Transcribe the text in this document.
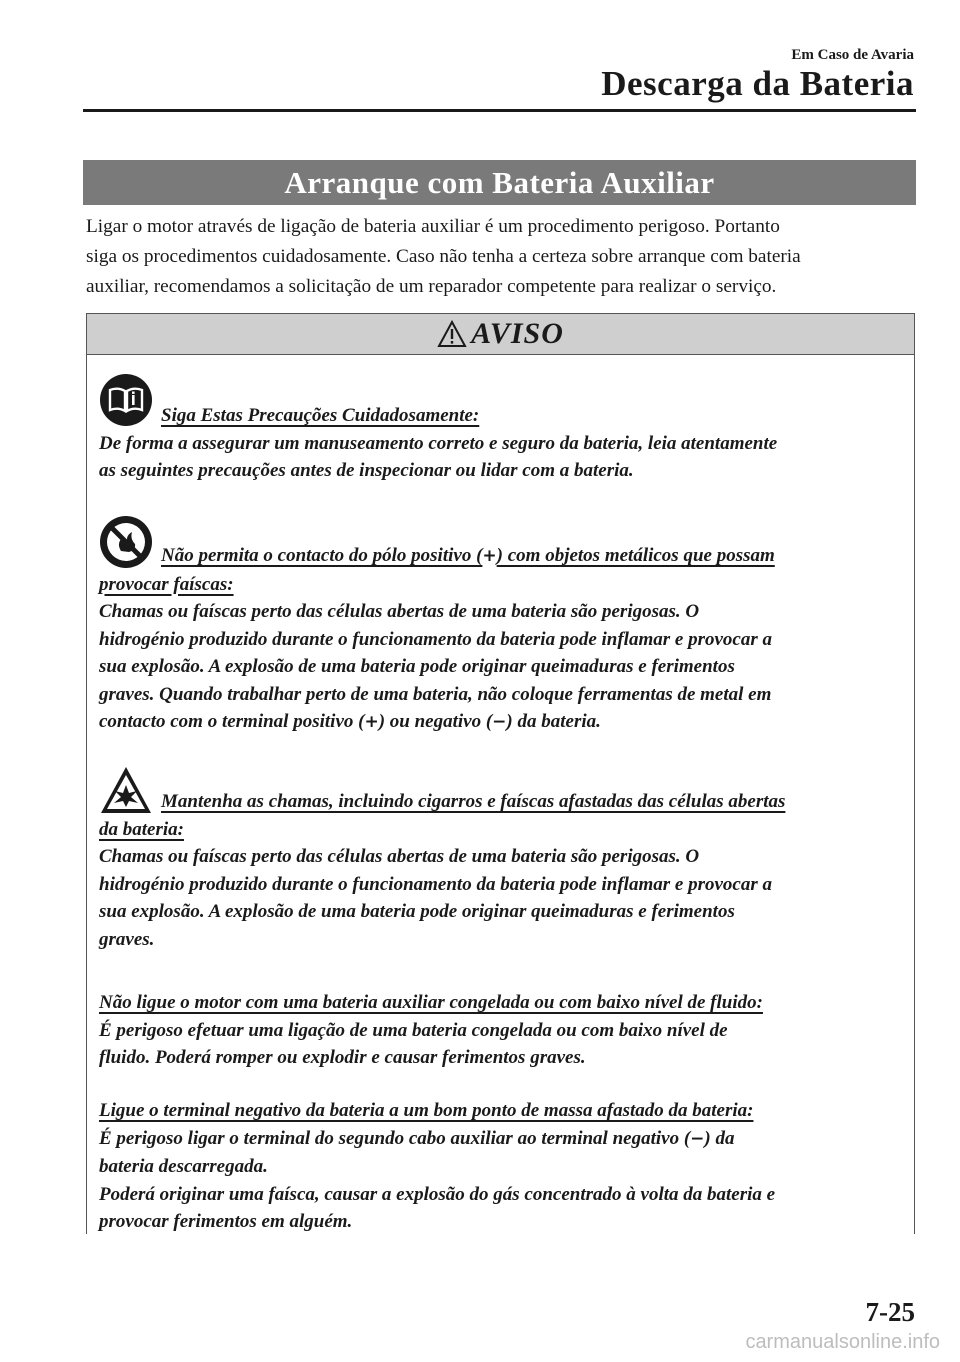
Em Caso de Avaria
Descarga da Bateria
Arranque com Bateria Auxiliar

Ligar o motor através de ligação de bateria auxiliar é um procedimento perigoso. Portanto

siga os procedimentos cuidadosamente. Caso não tenha a certeza sobre arranque com bateria

auxiliar, recomendamos a solicitação de um reparador competente para realizar o serviço.

AVISO
Siga Estas Precauções Cuidadosamente:

De forma a assegurar um manuseamento correto e seguro da bateria, leia atentamente

as seguintes precauções antes de inspecionar ou lidar com a bateria.

Não permita o contacto do pólo positivo (+) com objetos metálicos que possam
provocar faíscas:

Chamas ou faíscas perto das células abertas de uma bateria são perigosas. O

hidrogénio produzido durante o funcionamento da bateria pode inflamar e provocar a

sua explosão. A explosão de uma bateria pode originar queimaduras e ferimentos

graves. Quando trabalhar perto de uma bateria, não coloque ferramentas de metal em

contacto com o terminal positivo (+) ou negativo (−) da bateria.

Mantenha as chamas, incluindo cigarros e faíscas afastadas das células abertas
da bateria:

Chamas ou faíscas perto das células abertas de uma bateria são perigosas. O

hidrogénio produzido durante o funcionamento da bateria pode inflamar e provocar a

sua explosão. A explosão de uma bateria pode originar queimaduras e ferimentos

graves.

Não ligue o motor com uma bateria auxiliar congelada ou com baixo nível de fluido:

É perigoso efetuar uma ligação de uma bateria congelada ou com baixo nível de

fluido. Poderá romper ou explodir e causar ferimentos graves.

Ligue o terminal negativo da bateria a um bom ponto de massa afastado da bateria:

É perigoso ligar o terminal do segundo cabo auxiliar ao terminal negativo (−) da

bateria descarregada.

Poderá originar uma faísca, causar a explosão do gás concentrado à volta da bateria e

provocar ferimentos em alguém.

7-25
carmanualsonline.info
